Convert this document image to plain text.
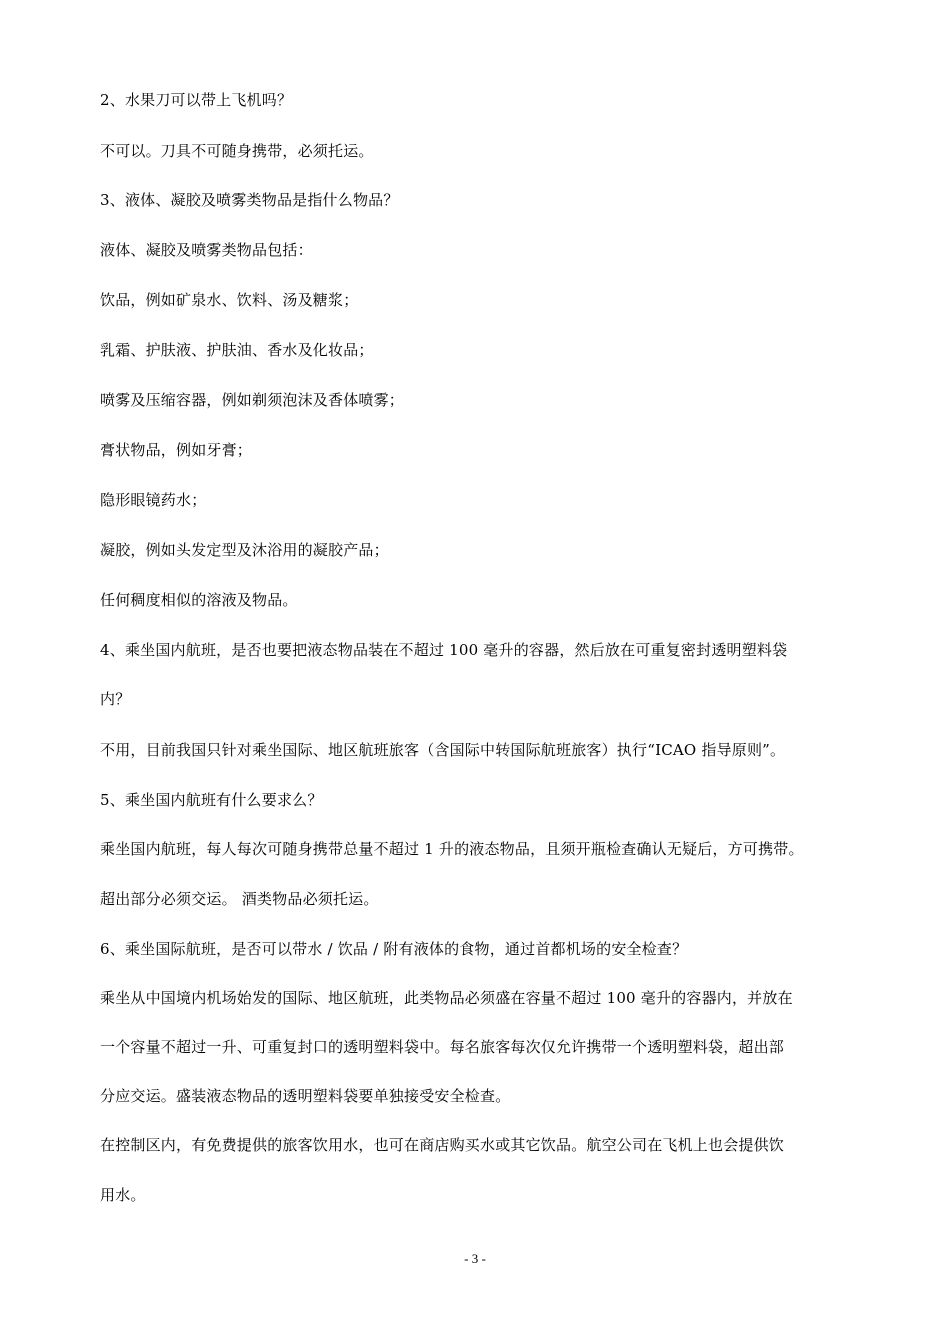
2、水果刀可以带上飞机吗？
不可以。刀具不可随身携带，必须托运。
3、液体、凝胶及喷雾类物品是指什么物品？
液体、凝胶及喷雾类物品包括：
饮品，例如矿泉水、饮料、汤及糖浆；
乳霜、护肤液、护肤油、香水及化妆品；
喷雾及压缩容器，例如剃须泡沫及香体喷雾；
膏状物品，例如牙膏；
隐形眼镜药水；
凝胶，例如头发定型及沐浴用的凝胶产品；
任何稠度相似的溶液及物品。
4、乘坐国内航班，是否也要把液态物品装在不超过 100 毫升的容器，然后放在可重复密封透明塑料袋
内？
不用，目前我国只针对乘坐国际、地区航班旅客（含国际中转国际航班旅客）执行“ICAO 指导原则”。
5、乘坐国内航班有什么要求么？
乘坐国内航班，每人每次可随身携带总量不超过 1 升的液态物品，且须开瓶检查确认无疑后，方可携带。
超出部分必须交运。 酒类物品必须托运。
6、乘坐国际航班，是否可以带水 / 饮品 / 附有液体的食物，通过首都机场的安全检查？
乘坐从中国境内机场始发的国际、地区航班，此类物品必须盛在容量不超过 100 毫升的容器内，并放在
一个容量不超过一升、可重复封口的透明塑料袋中。每名旅客每次仅允许携带一个透明塑料袋，超出部
分应交运。盛装液态物品的透明塑料袋要单独接受安全检查。
在控制区内，有免费提供的旅客饮用水，也可在商店购买水或其它饮品。航空公司在飞机上也会提供饮
用水。
- 3 -
